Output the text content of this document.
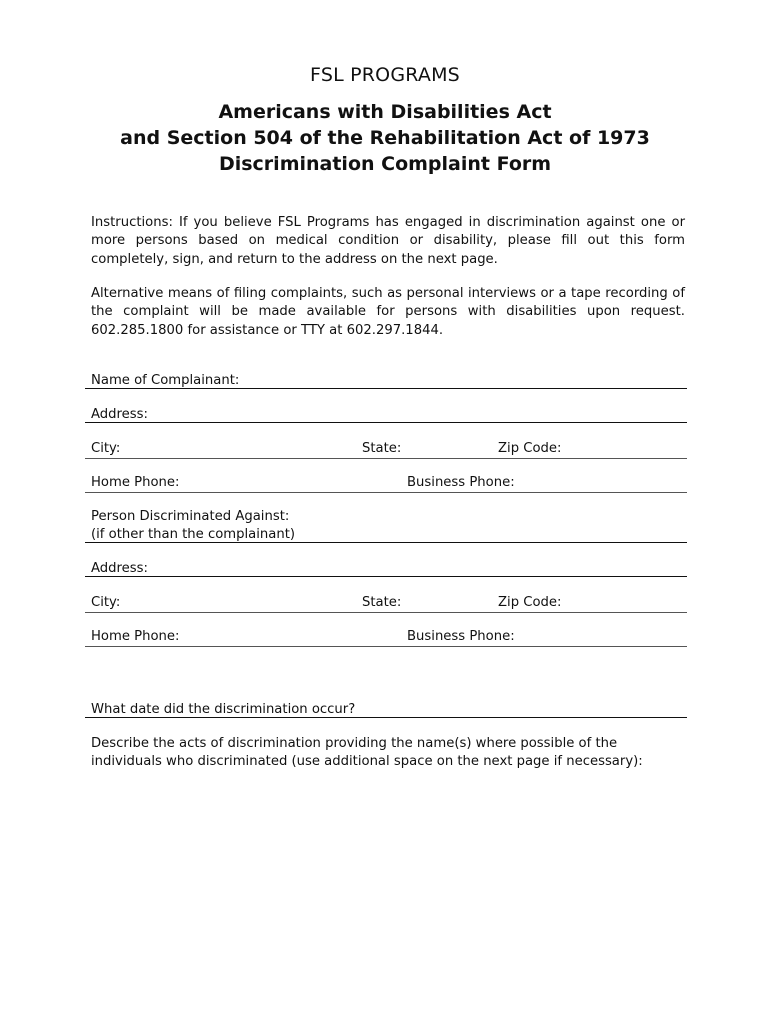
FSL PROGRAMS
Americans with Disabilities Act
and Section 504 of the Rehabilitation Act of 1973
Discrimination Complaint Form
Instructions: If you believe FSL Programs has engaged in discrimination against one or more persons based on medical condition or disability, please fill out this form completely, sign, and return to the address on the next page.
Alternative means of filing complaints, such as personal interviews or a tape recording of the complaint will be made available for persons with disabilities upon request. 602.285.1800 for assistance or TTY at 602.297.1844.
Name of Complainant:
Address:
City:	State:	Zip Code:
Home Phone:	Business Phone:
Person Discriminated Against:
(if other than the complainant)
Address:
City:	State:	Zip Code:
Home Phone:	Business Phone:
What date did the discrimination occur?
Describe the acts of discrimination providing the name(s) where possible of the individuals who discriminated (use additional space on the next page if necessary):
